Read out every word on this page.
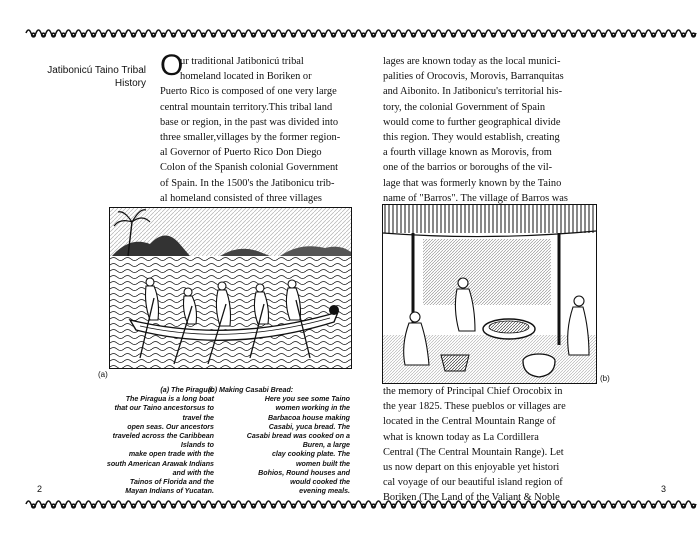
Jatibonicú Taino Tribal
History
O
ur traditional Jatibonicú tribal
homeland located in Boriken or
Puerto Rico is composed of one very large
central mountain territory.This tribal land
base or region, in the past was divided into
three smaller,villages by the former region-
al Governor of Puerto Rico Don Diego
Colon of the Spanish colonial Government
of Spain. In the 1500's the Jatibonicu trib-
al homeland consisted of three villages
lages are known today as the local munici-
palities of Orocovis, Morovis, Barranquitas
and Aibonito. In Jatibonicu's territorial his-
tory, the colonial Government of Spain
would come to further geographical divide
this region. They would establish, creating
a fourth village known as Morovis, from
one of the barrios or boroughs of the vil-
lage that was formerly known by the Taino
name of "Barros". The village of Barros was
(a)	(b)
(a) The Piragua:
The Piragua is a long boat
that our Taino ancestorsus to
travel the
open seas. Our ancestors
traveled across the Caribbean
Islands to
make open trade with the
south American Arawak Indians
and with the
Tainos of Florida and the
Mayan Indians of Yucatan.
(b) Making Casabi Bread:
Here you see some Taino
women working in the
Barbacoa house making
Casabi, yuca bread. The
Casabi bread was cooked on a
Buren, a large
clay cooking plate. The
women built the
Bohios, Round houses and
would cooked the
evening meals.
the memory of Principal Chief Orocobix in
the year 1825. These pueblos or villages are
located in the Central Mountain Range of
what is known today as La Cordillera
Central (The Central Mountain Range). Let
us now depart on this enjoyable yet histori
cal voyage of our beautiful island region of
Boriken (The Land of the Valiant & Noble
2	3
